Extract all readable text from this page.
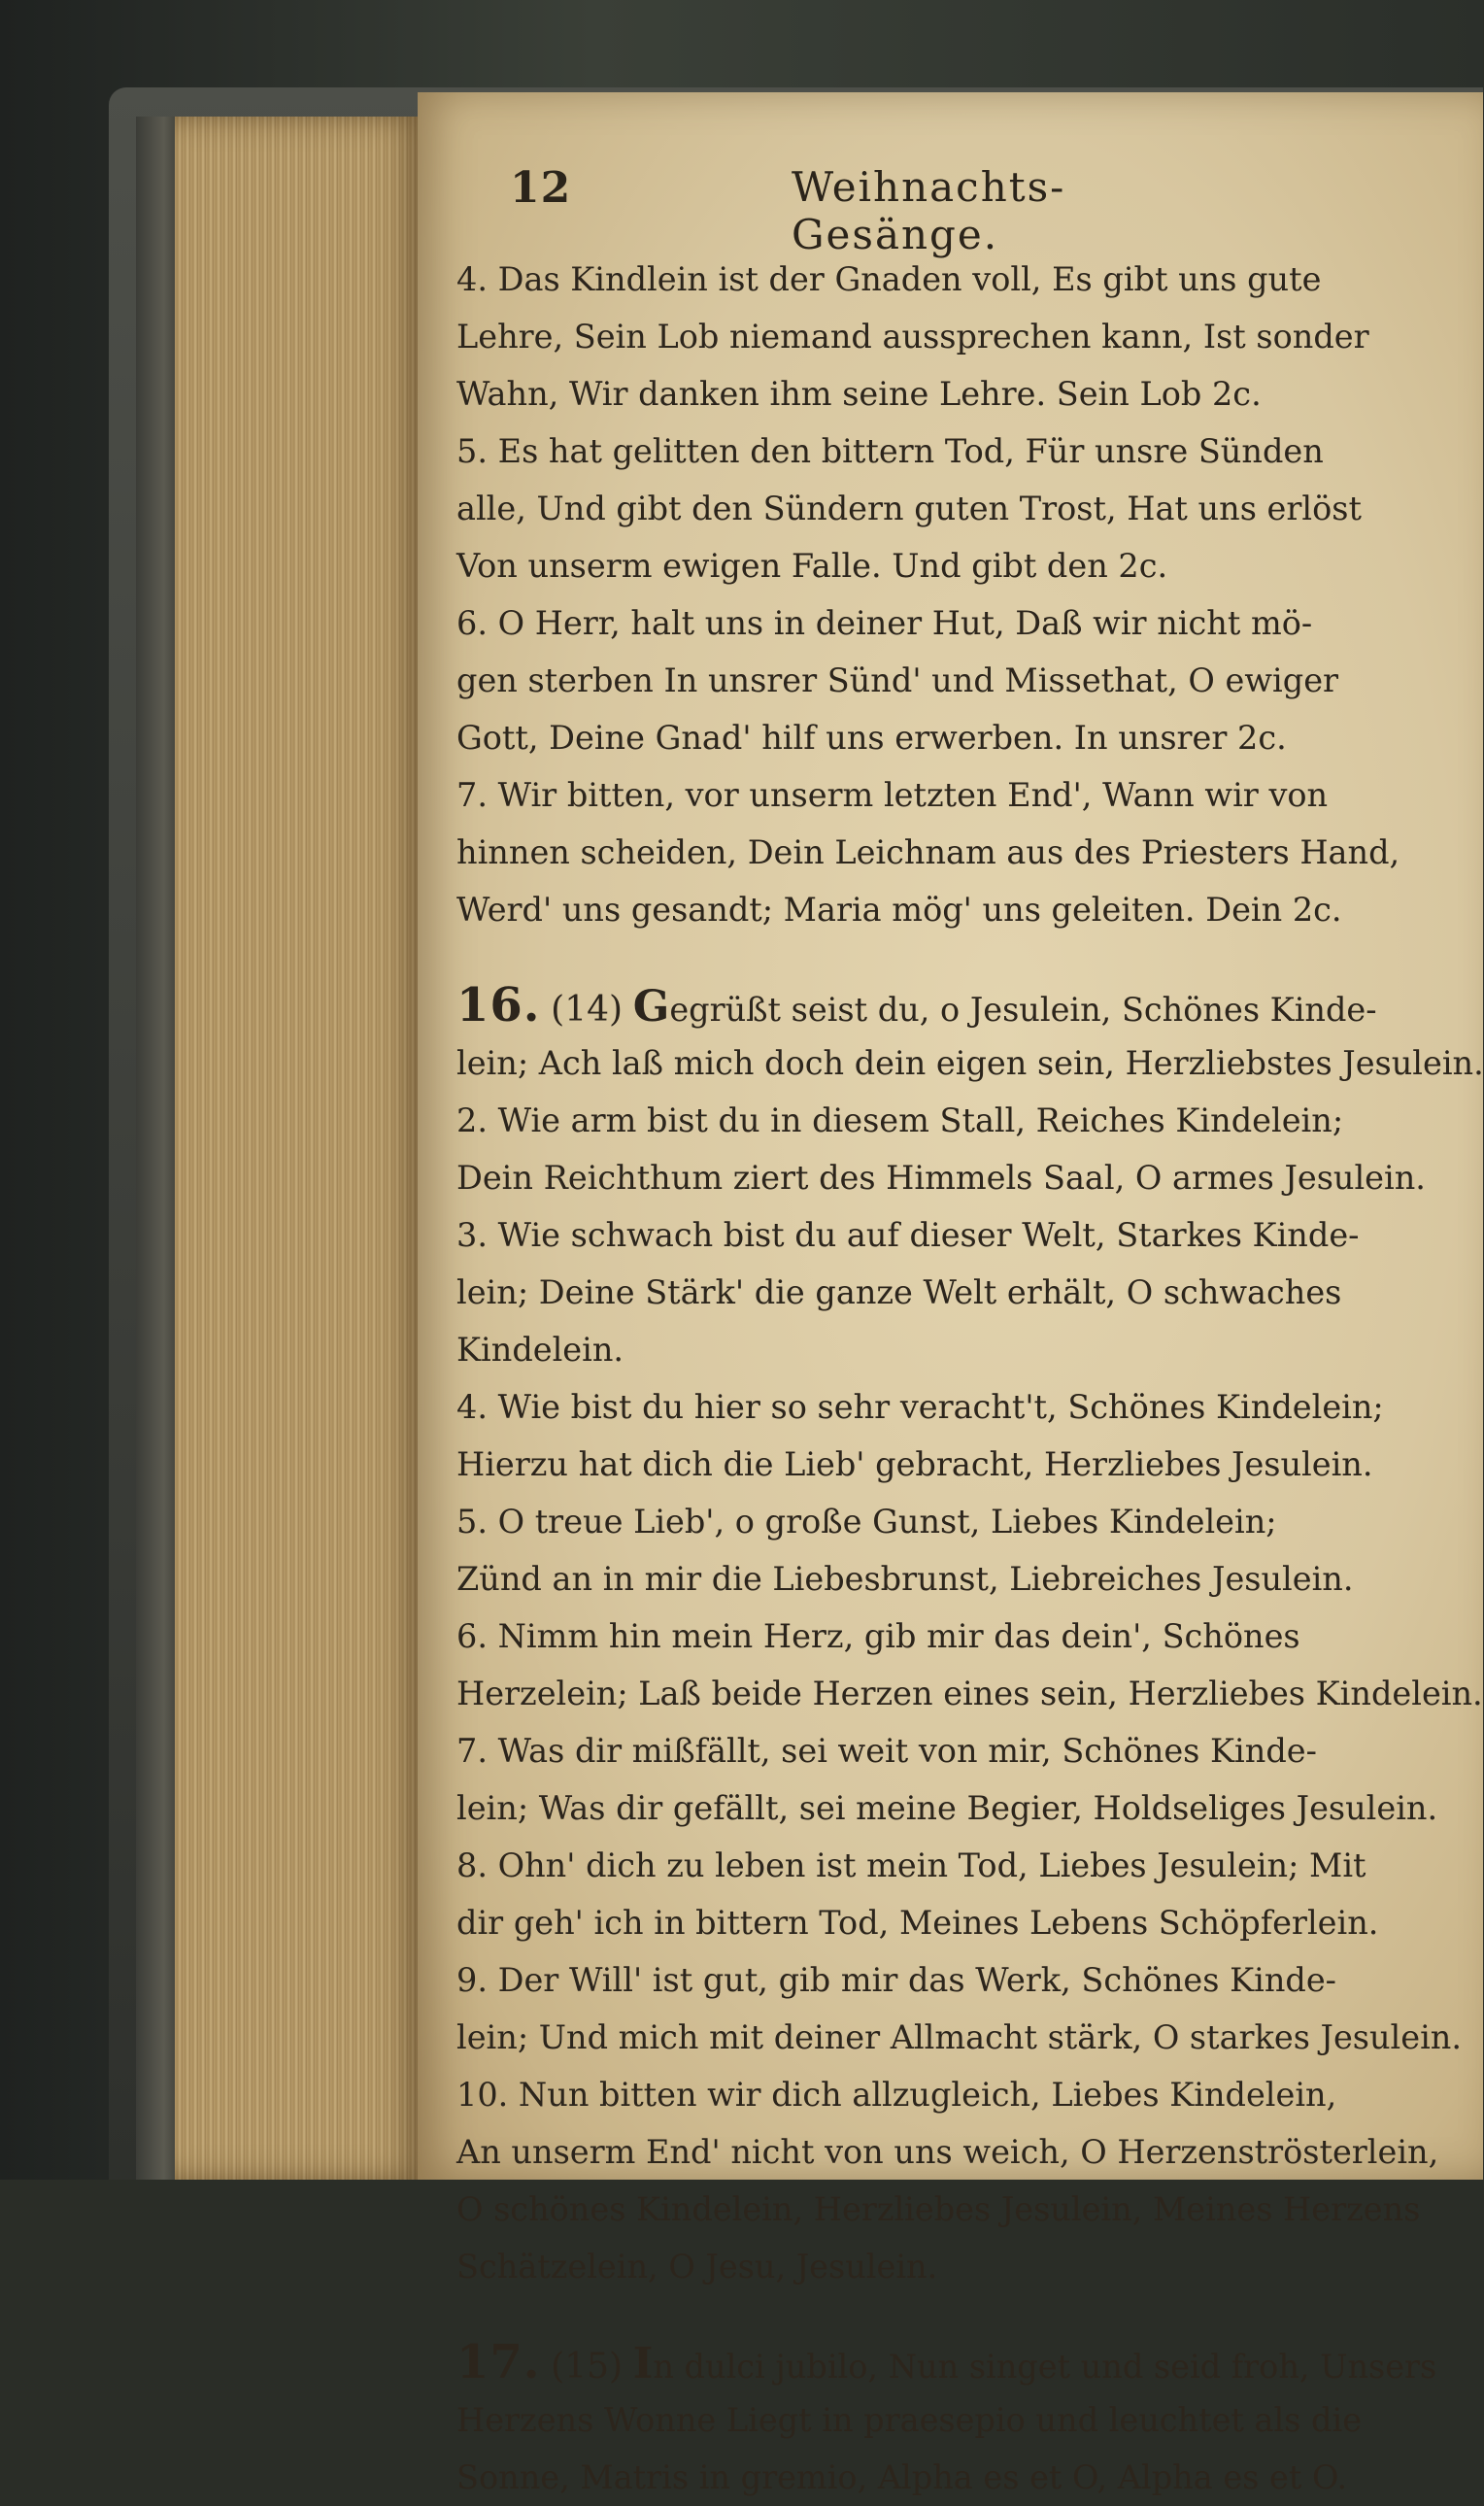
12	Weihnachts-Gesänge.
4. Das Kindlein ist der Gnaden voll, Es gibt uns gute
Lehre, Sein Lob niemand aussprechen kann, Ist sonder
Wahn, Wir danken ihm seine Lehre. Sein Lob 2c.
5. Es hat gelitten den bittern Tod, Für unsre Sünden
alle, Und gibt den Sündern guten Trost, Hat uns erlöst
Von unserm ewigen Falle. Und gibt den 2c.
6. O Herr, halt uns in deiner Hut, Daß wir nicht mö-
gen sterben In unsrer Sünd' und Missethat, O ewiger
Gott, Deine Gnad' hilf uns erwerben. In unsrer 2c.
7. Wir bitten, vor unserm letzten End', Wann wir von
hinnen scheiden, Dein Leichnam aus des Priesters Hand,
Werd' uns gesandt; Maria mög' uns geleiten. Dein 2c.
16. (14) Gegrüßt seist du, o Jesulein, Schönes Kinde-
lein; Ach laß mich doch dein eigen sein, Herzliebstes Jesulein.
2. Wie arm bist du in diesem Stall, Reiches Kindelein;
Dein Reichthum ziert des Himmels Saal, O armes Jesulein.
3. Wie schwach bist du auf dieser Welt, Starkes Kinde-
lein; Deine Stärk' die ganze Welt erhält, O schwaches
Kindelein.
4. Wie bist du hier so sehr veracht't, Schönes Kindelein;
Hierzu hat dich die Lieb' gebracht, Herzliebes Jesulein.
5. O treue Lieb', o große Gunst, Liebes Kindelein;
Zünd an in mir die Liebesbrunst, Liebreiches Jesulein.
6. Nimm hin mein Herz, gib mir das dein', Schönes
Herzelein; Laß beide Herzen eines sein, Herzliebes Kindelein.
7. Was dir mißfällt, sei weit von mir, Schönes Kinde-
lein; Was dir gefällt, sei meine Begier, Holdseliges Jesulein.
8. Ohn' dich zu leben ist mein Tod, Liebes Jesulein; Mit
dir geh' ich in bittern Tod, Meines Lebens Schöpferlein.
9. Der Will' ist gut, gib mir das Werk, Schönes Kinde-
lein; Und mich mit deiner Allmacht stärk, O starkes Jesulein.
10. Nun bitten wir dich allzugleich, Liebes Kindelein,
An unserm End' nicht von uns weich, O Herzenströsterlein,
O schönes Kindelein, Herzliebes Jesulein, Meines Herzens
Schätzelein, O Jesu, Jesulein.
17. (15) In dulci jubilo, Nun singet und seid froh, Unsers
Herzens Wonne Liegt in praesepio und leuchtet als die
Sonne, Matris in gremio, Alpha es et O, Alpha es et O.
